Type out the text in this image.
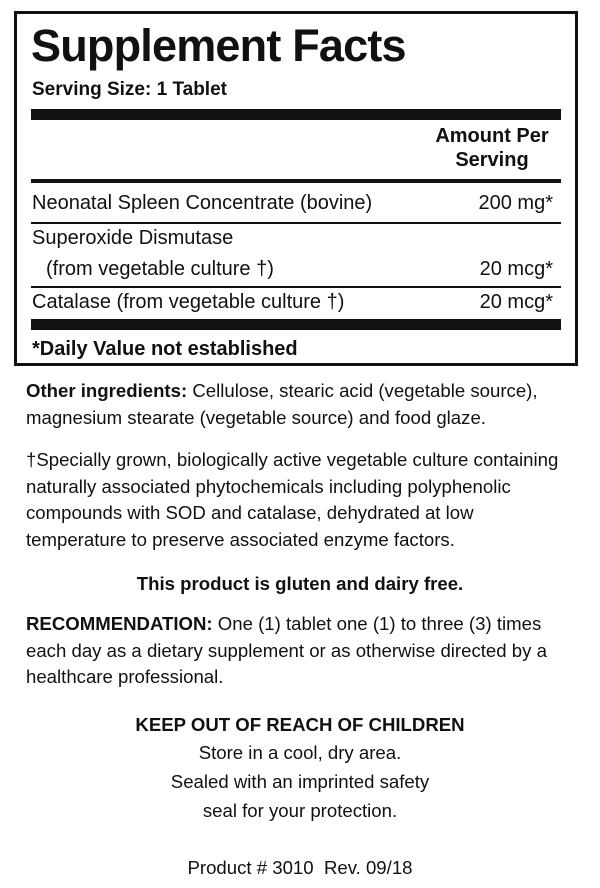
Supplement Facts
Serving Size: 1 Tablet
Amount Per Serving
Neonatal Spleen Concentrate (bovine)	200 mg*
Superoxide Dismutase
(from vegetable culture †)	20 mcg*
Catalase (from vegetable culture †)	20 mcg*
*Daily Value not established

Other ingredients: Cellulose, stearic acid (vegetable source), magnesium stearate (vegetable source) and food glaze.

†Specially grown, biologically active vegetable culture containing naturally associated phytochemicals including polyphenolic compounds with SOD and catalase, dehydrated at low temperature to preserve associated enzyme factors.

This product is gluten and dairy free.

RECOMMENDATION: One (1) tablet one (1) to three (3) times each day as a dietary supplement or as otherwise directed by a healthcare professional.

KEEP OUT OF REACH OF CHILDREN

Store in a cool, dry area.

Sealed with an imprinted safety

seal for your protection.

Product # 3010  Rev. 09/18
